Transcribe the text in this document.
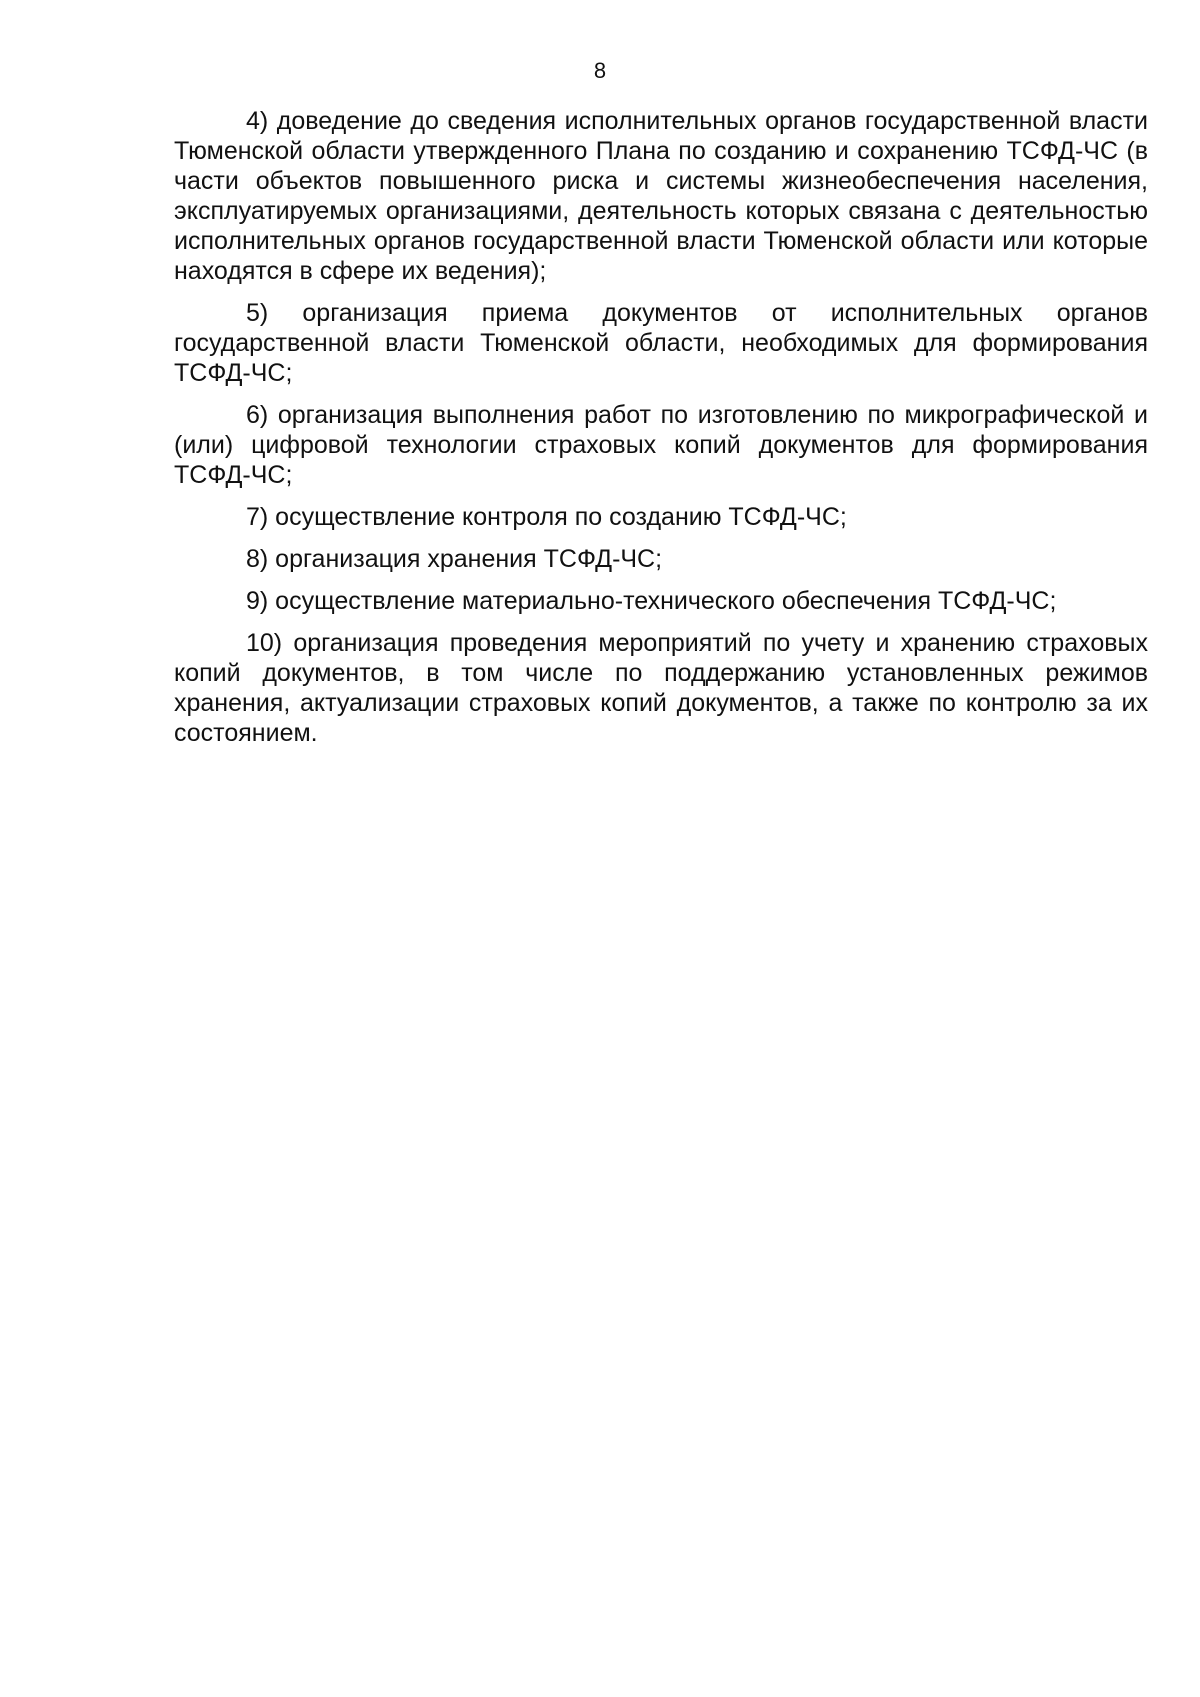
8

4) доведение до сведения исполнительных органов государственной власти Тюменской области утвержденного Плана по созданию и сохранению ТСФД-ЧС (в части объектов повышенного риска и системы жизнеобеспечения населения, эксплуатируемых организациями, деятельность которых связана с деятельностью исполнительных органов государственной власти Тюменской области или которые находятся в сфере их ведения);

5) организация приема документов от исполнительных органов государственной власти Тюменской области, необходимых для формирования ТСФД-ЧС;

6) организация выполнения работ по изготовлению по микрографической и (или) цифровой технологии страховых копий документов для формирования ТСФД-ЧС;

7) осуществление контроля по созданию ТСФД-ЧС;

8) организация хранения ТСФД-ЧС;

9) осуществление материально-технического обеспечения ТСФД-ЧС;

10) организация проведения мероприятий по учету и хранению страховых копий документов, в том числе по поддержанию установленных режимов хранения, актуализации страховых копий документов, а также по контролю за их состоянием.
